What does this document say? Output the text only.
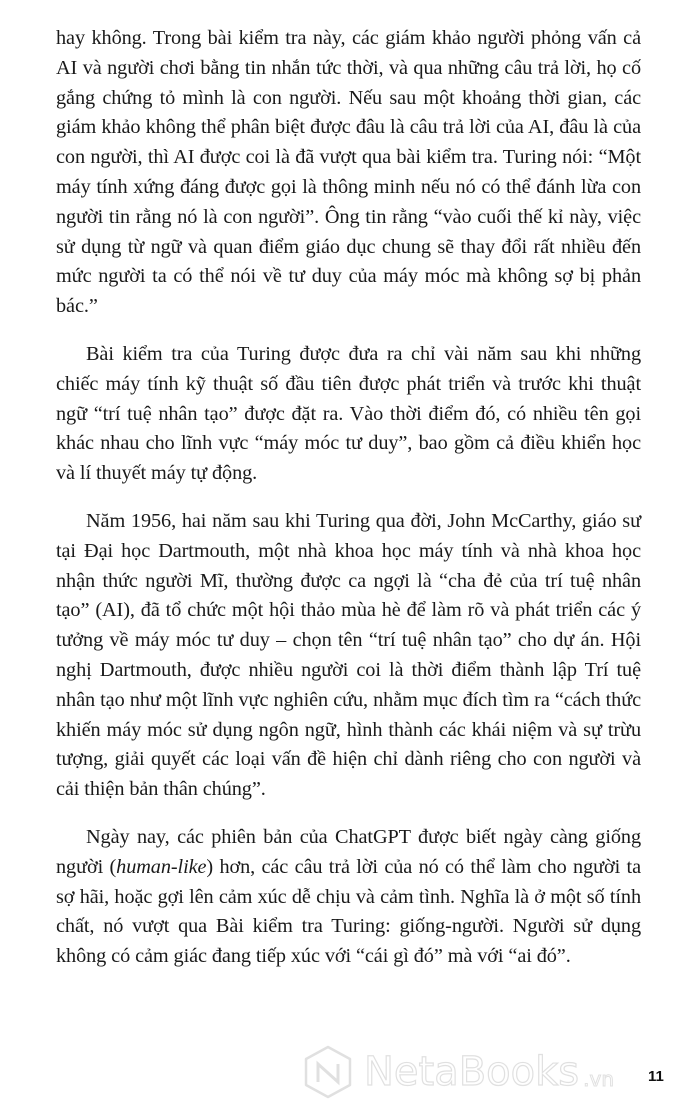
hay không. Trong bài kiểm tra này, các giám khảo người phỏng vấn cả AI và người chơi bằng tin nhắn tức thời, và qua những câu trả lời, họ cố gắng chứng tỏ mình là con người. Nếu sau một khoảng thời gian, các giám khảo không thể phân biệt được đâu là câu trả lời của AI, đâu là của con người, thì AI được coi là đã vượt qua bài kiểm tra. Turing nói: “Một máy tính xứng đáng được gọi là thông minh nếu nó có thể đánh lừa con người tin rằng nó là con người”. Ông tin rằng “vào cuối thế kỉ này, việc sử dụng từ ngữ và quan điểm giáo dục chung sẽ thay đổi rất nhiều đến mức người ta có thể nói về tư duy của máy móc mà không sợ bị phản bác.”

Bài kiểm tra của Turing được đưa ra chỉ vài năm sau khi những chiếc máy tính kỹ thuật số đầu tiên được phát triển và trước khi thuật ngữ “trí tuệ nhân tạo” được đặt ra. Vào thời điểm đó, có nhiều tên gọi khác nhau cho lĩnh vực “máy móc tư duy”, bao gồm cả điều khiển học và lí thuyết máy tự động.

Năm 1956, hai năm sau khi Turing qua đời, John McCarthy, giáo sư tại Đại học Dartmouth, một nhà khoa học máy tính và nhà khoa học nhận thức người Mĩ, thường được ca ngợi là “cha đẻ của trí tuệ nhân tạo” (AI), đã tổ chức một hội thảo mùa hè để làm rõ và phát triển các ý tưởng về máy móc tư duy – chọn tên “trí tuệ nhân tạo” cho dự án. Hội nghị Dartmouth, được nhiều người coi là thời điểm thành lập Trí tuệ nhân tạo như một lĩnh vực nghiên cứu, nhằm mục đích tìm ra “cách thức khiến máy móc sử dụng ngôn ngữ, hình thành các khái niệm và sự trừu tượng, giải quyết các loại vấn đề hiện chỉ dành riêng cho con người và cải thiện bản thân chúng”.

Ngày nay, các phiên bản của ChatGPT được biết ngày càng giống người (human-like) hơn, các câu trả lời của nó có thể làm cho người ta sợ hãi, hoặc gợi lên cảm xúc dễ chịu và cảm tình. Nghĩa là ở một số tính chất, nó vượt qua Bài kiểm tra Turing: giống-người. Người sử dụng không có cảm giác đang tiếp xúc với “cái gì đó” mà với “ai đó”.

NetaBooks .vn 11
